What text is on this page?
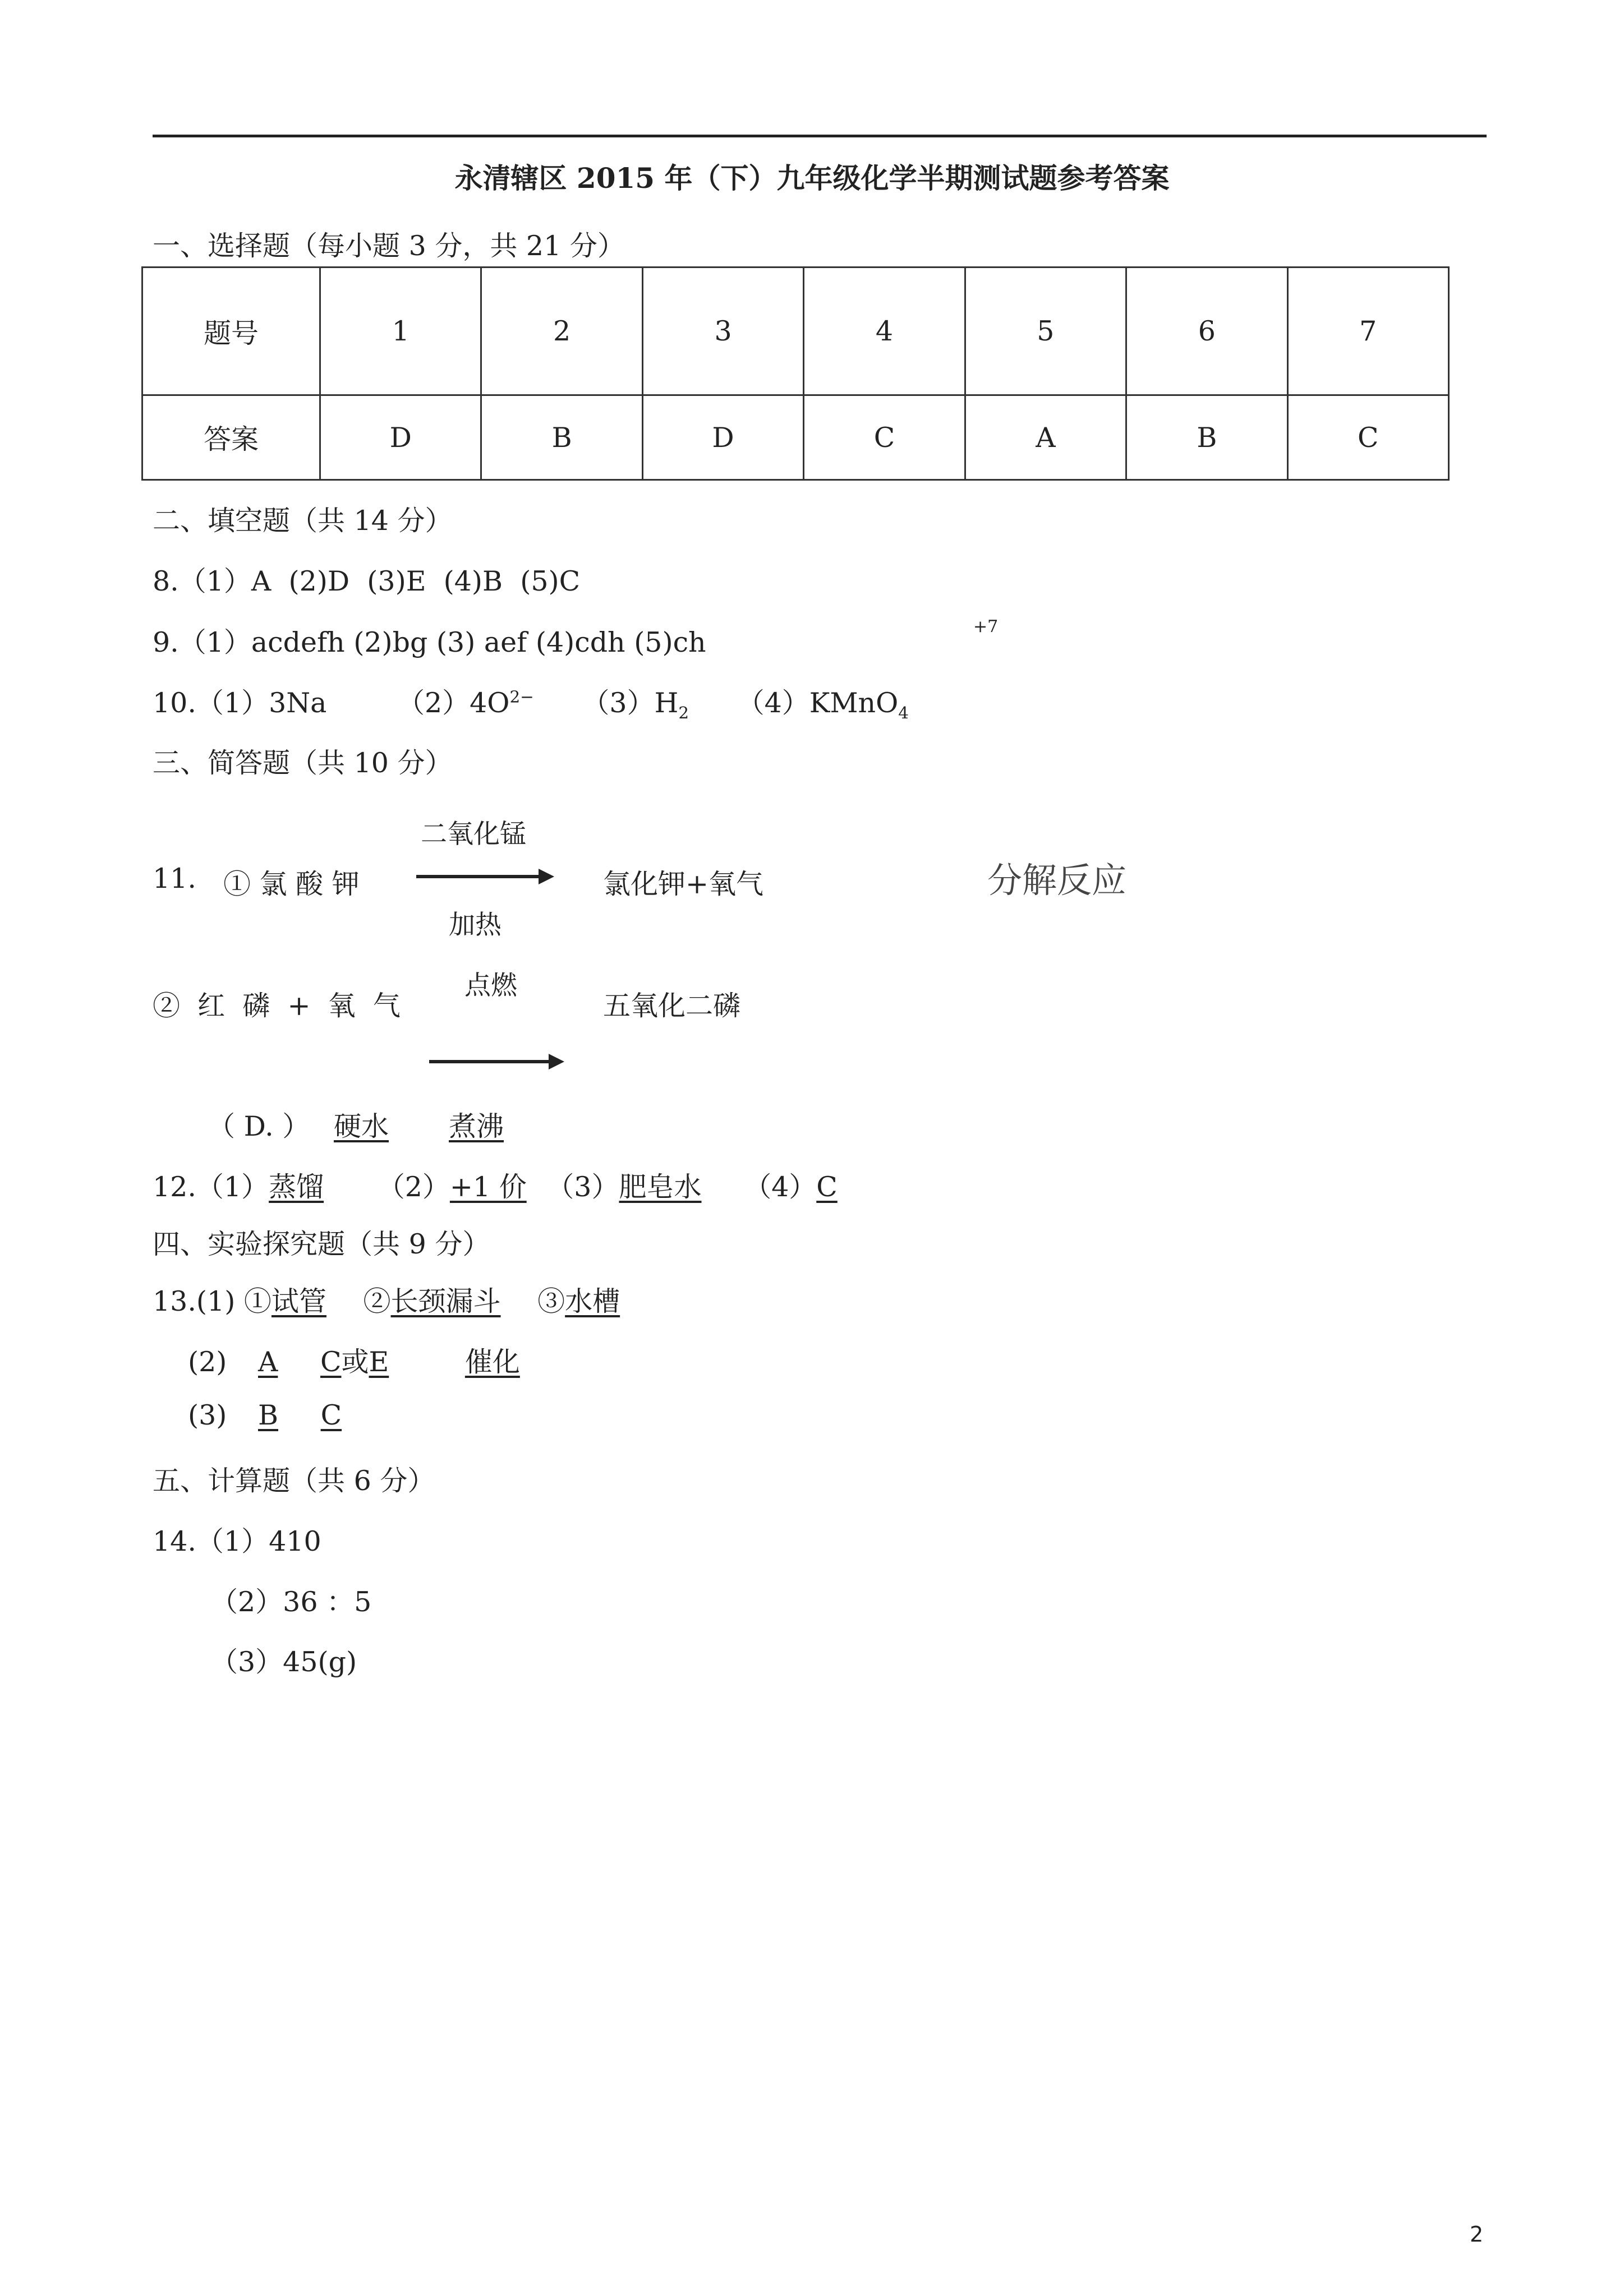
永清辖区 2015 年（下）九年级化学半期测试题参考答案
一、选择题（每小题 3 分，共 21 分）
题号	1	2	3	4	5	6	7
答案	D	B	D	C	A	B	C
二、填空题（共 14 分）
8.（1）A  (2)D  (3)E  (4)B  (5)C
9.（1）acdefh (2)bg (3) aef (4)cdh (5)ch	+7
10.（1）3Na	$(2)4O^{2-}$ $(3)H_2$ （4）KMnO$_4$
三、简答题（共 10 分）
11. ① 氯 酸 钾
二氧化锰
加热
氯化钾+氧气	分解反应
②  红  磷  +  氧  气
点燃
五氧化二磷
（ D. ） 硬水 煮沸
12.（1）蒸馏 （2）+1 价 （3）肥皂水 （4）C
四、实验探究题（共 9 分）
13.(1) ①试管 ②长颈漏斗 ③水槽
(2) A C或E	催化
(3) B C
五、计算题（共 6 分）
14.（1）410
（2）36 ：5
（3）45(g)
2
